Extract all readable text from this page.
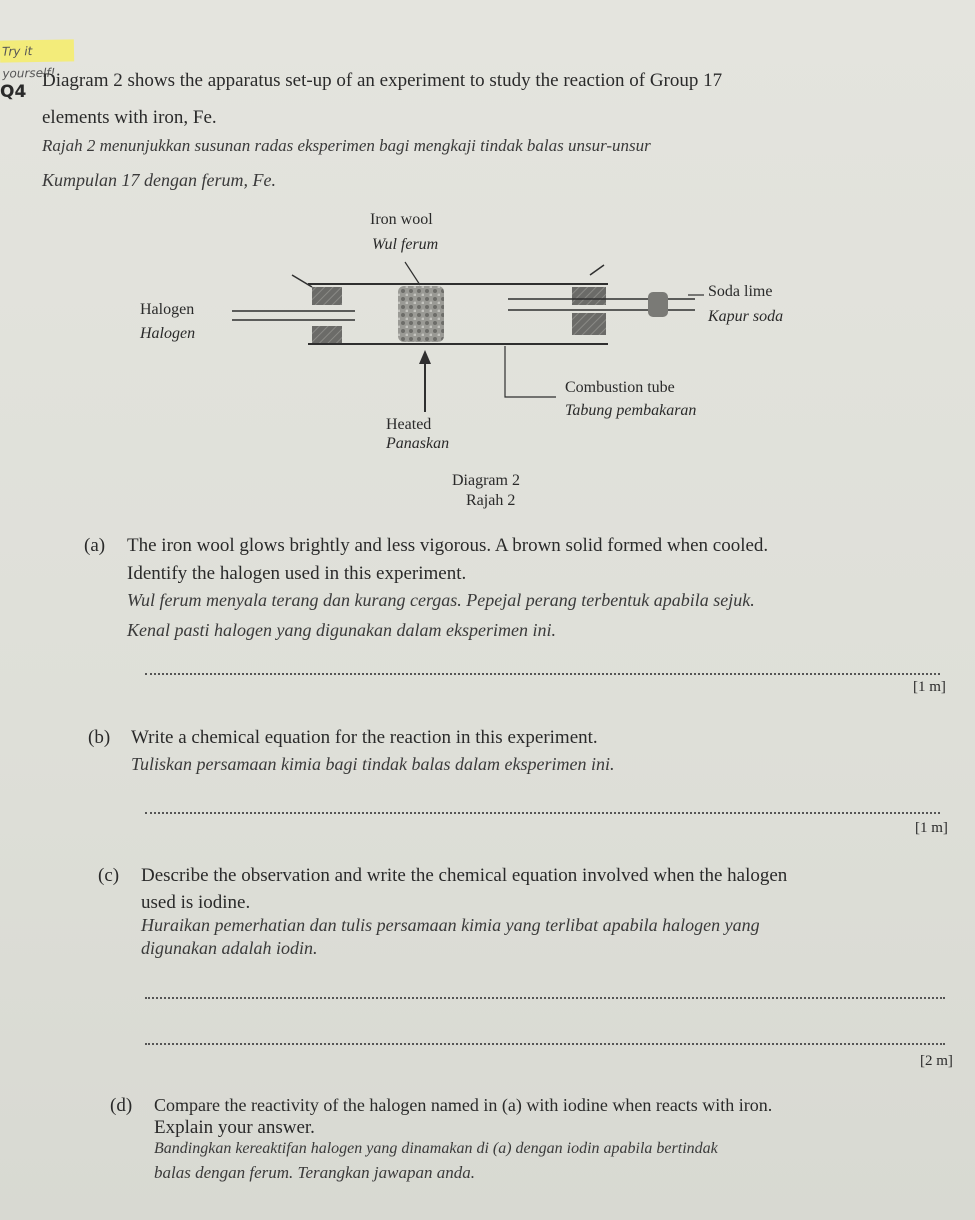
Try it yourself!
Q4
Diagram 2 shows the apparatus set-up of an experiment to study the reaction of Group 17
elements with iron, Fe.
Rajah 2 menunjukkan susunan radas eksperimen bagi mengkaji tindak balas unsur-unsur
Kumpulan 17 dengan ferum, Fe.
Iron wool
Wul ferum
Halogen
Halogen
Soda lime
Kapur soda
Combustion tube
Tabung pembakaran
Heated
Panaskan
Diagram 2
Rajah 2
(a) The iron wool glows brightly and less vigorous. A brown solid formed when cooled.
Identify the halogen used in this experiment.
Wul ferum menyala terang dan kurang cergas. Pepejal perang terbentuk apabila sejuk.
Kenal pasti halogen yang digunakan dalam eksperimen ini.
[1 m]
(b) Write a chemical equation for the reaction in this experiment.
Tuliskan persamaan kimia bagi tindak balas dalam eksperimen ini.
[1 m]
(c) Describe the observation and write the chemical equation involved when the halogen
used is iodine.
Huraikan pemerhatian dan tulis persamaan kimia yang terlibat apabila halogen yang
digunakan adalah iodin.
[2 m]
(d) Compare the reactivity of the halogen named in (a) with iodine when reacts with iron.
Explain your answer.
Bandingkan kereaktifan halogen yang dinamakan di (a) dengan iodin apabila bertindak
balas dengan ferum. Terangkan jawapan anda.
